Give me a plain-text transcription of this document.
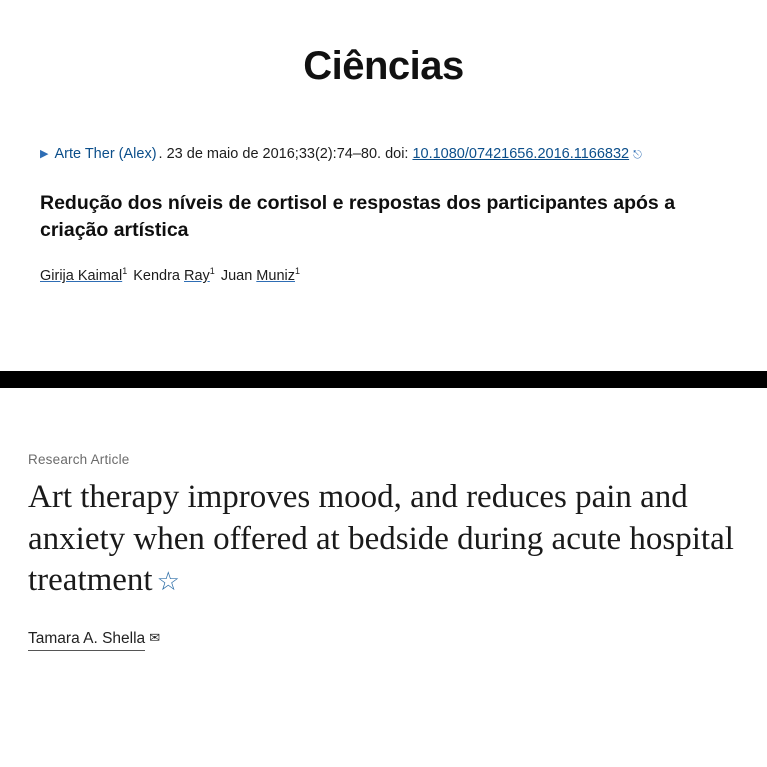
Ciências
▶ Arte Ther (Alex) . 23 de maio de 2016;33(2):74–80. doi: 10.1080/07421656.2016.1166832 ⎋
Redução dos níveis de cortisol e respostas dos participantes após a criação artística
Girija Kaimal$^1$ Kendra Ray$^1$ Juan Muniz$^1$
Research Article
Art therapy improves mood, and reduces pain and anxiety when offered at bedside during acute hospital treatment ☆
Tamara A. Shella ✉
